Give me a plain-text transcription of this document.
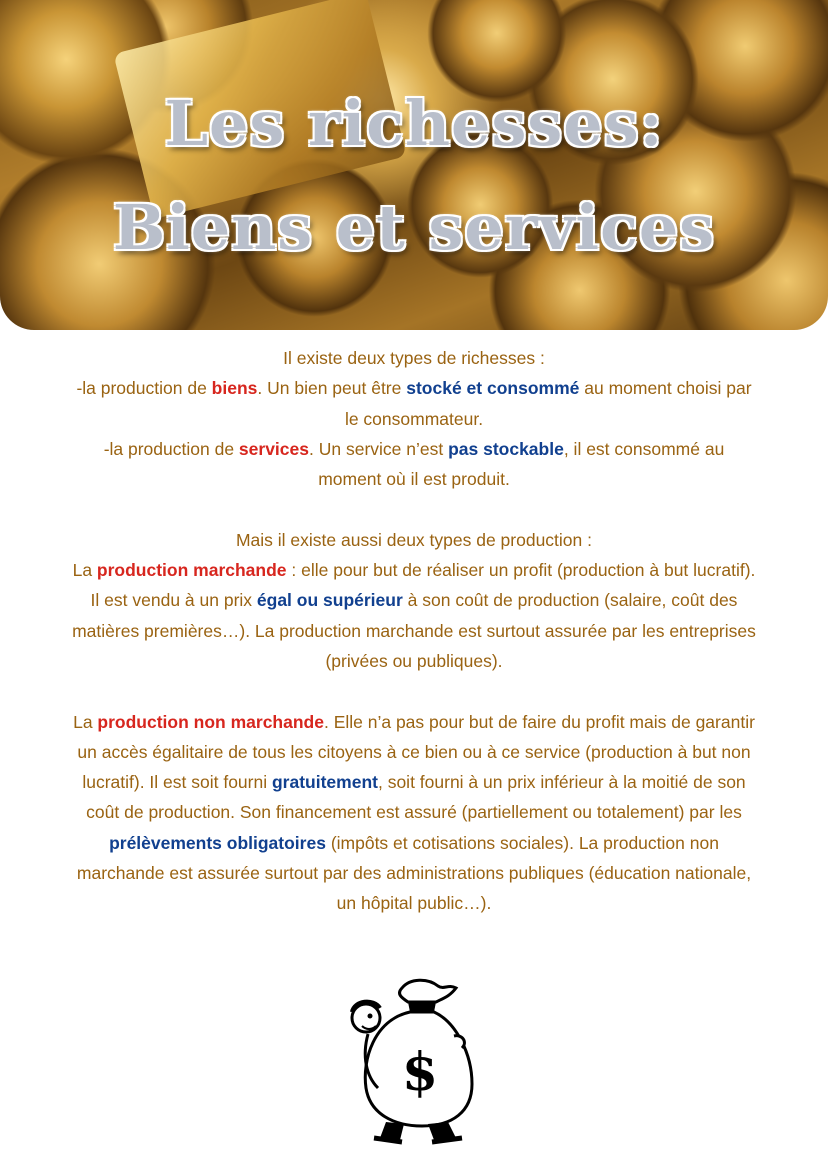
Les richesses:
Biens et services

Il existe deux types de richesses :

-la production de biens. Un bien peut être stocké et consommé au moment choisi par le consommateur.

-la production de services. Un service n’est pas stockable, il est consommé au moment où il est produit.

Mais il existe aussi deux types de production :

La production marchande : elle pour but de réaliser un profit (production à but lucratif). Il est vendu à un prix égal ou supérieur à son coût de production (salaire, coût des matières premières…). La production marchande est surtout assurée par les entreprises (privées ou publiques).

La production non marchande. Elle n’a pas pour but de faire du profit mais de garantir un accès égalitaire de tous les citoyens à ce bien ou à ce service (production à but non lucratif). Il est soit fourni gratuitement, soit fourni à un prix inférieur à la moitié de son coût de production. Son financement est assuré (partiellement ou totalement) par les prélèvements obligatoires (impôts et cotisations sociales). La production non marchande est assurée surtout par des administrations publiques (éducation nationale, un hôpital public…).

$
